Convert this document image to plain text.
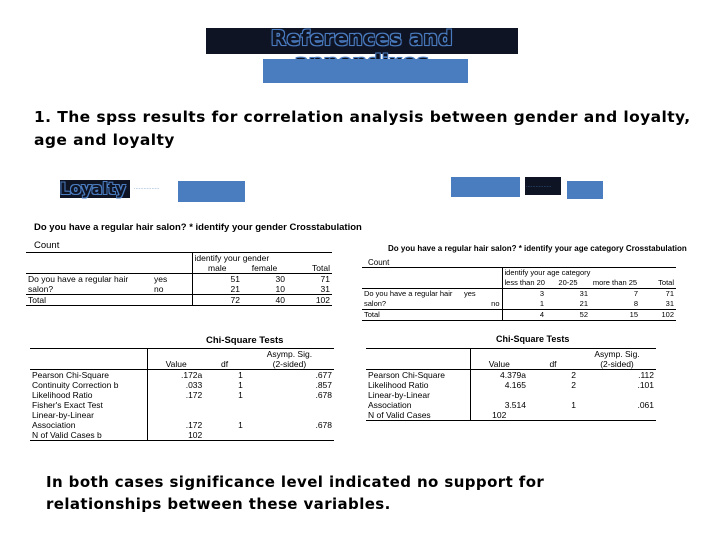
References and
1. The spss results for correlation analysis between gender and loyalty, age and loyalty
Loyalty ................	................
Do you have a regular hair salon? * identify your gender Crosstabulation
Count
		identify your gender		
		male	female	Total
Do you have a regular hair	yes	51	30	71
salon?	no	21	10	31
Total		72	40	102
Chi-Square Tests
	Value	df	Asymp. Sig.
			(2-sided)
Pearson Chi-Square	.172a	1	.677
Continuity Correction b	.033	1	.857
Likelihood Ratio	.172	1	.678
Fisher's Exact Test			
Linear-by-Linear			
Association	.172	1	.678
N of Valid Cases b	102		
Do you have a regular hair salon? * identify your age category Crosstabulation
Count
		identify your age category			
		less than 20	20-25	more than 25	Total
Do you have a regular hair	yes	3	31	7	71
salon?	no	1	21	8	31
Total		4	52	15	102
Chi-Square Tests
	Value	df	Asymp. Sig.
			(2-sided)
Pearson Chi-Square	4.379a	2	.112
Likelihood Ratio	4.165	2	.101
Linear-by-Linear			
Association	3.514	1	.061
N of Valid Cases	102		
In both cases significance level indicated no support for relationships between these variables.
